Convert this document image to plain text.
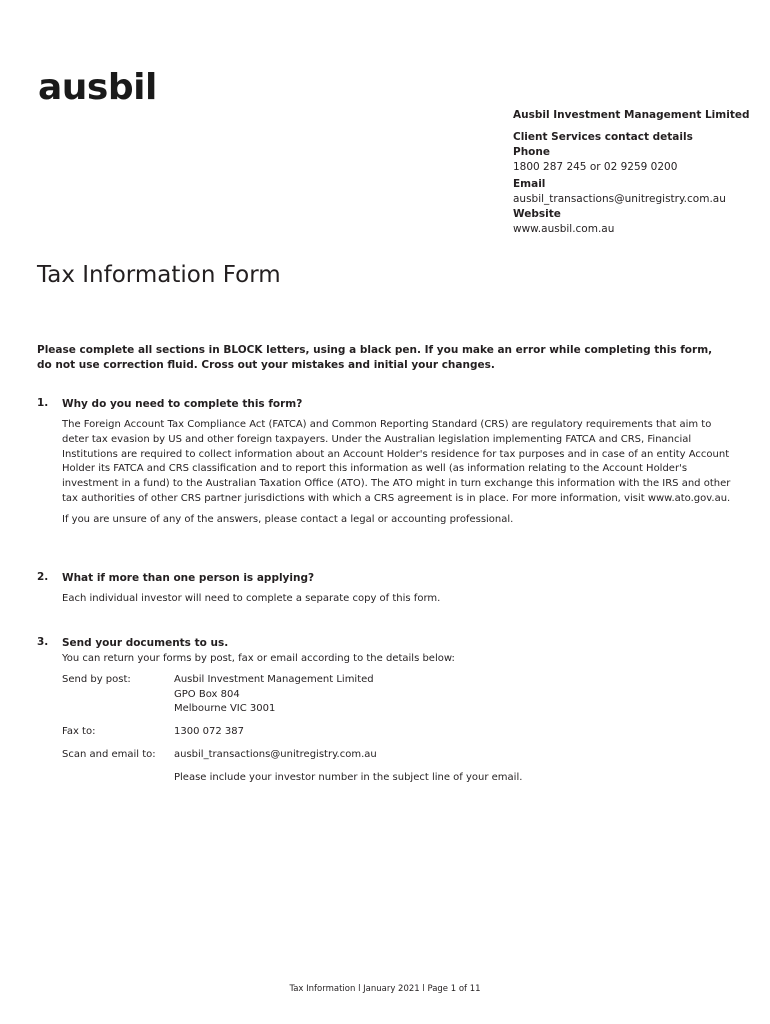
ausbil
Ausbil Investment Management Limited
Client Services contact details
Phone
1800 287 245 or 02 9259 0200
Email
ausbil_transactions@unitregistry.com.au
Website
www.ausbil.com.au
Tax Information Form

Please complete all sections in BLOCK letters, using a black pen. If you make an error while completing this form, do not use correction fluid. Cross out your mistakes and initial your changes.

1. Why do you need to complete this form?

The Foreign Account Tax Compliance Act (FATCA) and Common Reporting Standard (CRS) are regulatory requirements that aim to deter tax evasion by US and other foreign taxpayers. Under the Australian legislation implementing FATCA and CRS, Financial Institutions are required to collect information about an Account Holder's residence for tax purposes and in case of an entity Account Holder its FATCA and CRS classification and to report this information as well (as information relating to the Account Holder's investment in a fund) to the Australian Taxation Office (ATO). The ATO might in turn exchange this information with the IRS and other tax authorities of other CRS partner jurisdictions with which a CRS agreement is in place. For more information, visit www.ato.gov.au.

If you are unsure of any of the answers, please contact a legal or accounting professional.

2. What if more than one person is applying?

Each individual investor will need to complete a separate copy of this form.

3. Send your documents to us.

You can return your forms by post, fax or email according to the details below:

Send by post:	Ausbil Investment Management Limited
GPO Box 804
Melbourne VIC 3001

Fax to:	1300 072 387
Scan and email to:	ausbil_transactions@unitregistry.com.au
	Please include your investor number in the subject line of your email.
Tax Information l January 2021 l Page 1 of 11
